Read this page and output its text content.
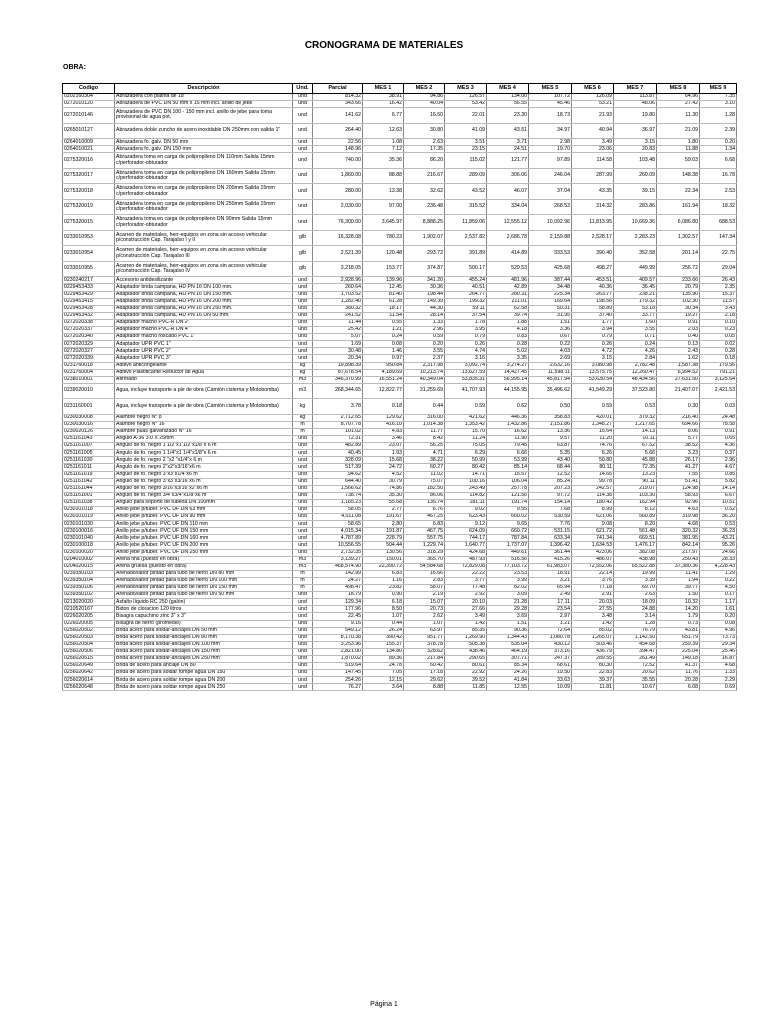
CRONOGRAMA DE MATERIALES
OBRA:
Codigo	Descripción	Und.	Parcial	MES 1	MES 2	MES 3	MES 4	MES 5	MES 6	MES 7	MES 8	MES 9
0202160304	Abrazadera con platina de 18"	und	814.32	38.91	94.86	126.57	134.00	107.72	126.09	113.87	64.96	7.35
0272010120	Abrazadera de PVC DN 50 mm x 15 mm incl. anillo de jebe	und	343.66	16.42	40.04	53.42	56.55	45.46	53.21	48.06	27.42	3.10
0272010146	Abrazadera de PVC DN 100 - 150 mm incl. anillo de jebe para toma provisional de agua pot.	und	141.62	6.77	16.50	22.01	23.30	18.73	21.93	19.80	11.30	1.28
0265010127	Abrazadera doble zuncho de acero inoxidable DN 250mm con salida 1"	und	264.40	12.63	30.80	41.09	43.51	34.97	40.94	36.97	21.09	2.39
0264010009	Abrazadera fo. galv. DN 50 mm	und	22.56	1.08	2.63	3.51	3.71	2.98	3.49	3.15	1.80	0.20
0264010021	Abrazadera fo. galv. DN 150 mm	und	148.96	7.12	17.35	23.15	24.51	19.70	23.06	20.83	11.88	1.34
0275320016	Abrazadera toma en carga de polipropileno DN 110mm Salida 15mm c/perforador-obturador	und	740.00	35.36	86.20	115.02	121.77	97.89	114.58	103.48	59.03	6.68
0275320017	Abrazadera toma en carga de polipropileno DN 160mm Salida 15mm c/perforador-obturador	und	1,860.00	88.88	216.67	289.09	306.06	246.04	287.99	260.09	148.38	16.78
0275320018	Abrazadera toma en carga de polipropileno DN 200mm Salida 15mm c/perforador-obturador	und	280.00	13.38	32.62	43.52	46.07	37.04	43.35	39.15	22.34	2.53
0275320019	Abrazadera toma en carga de polipropileno DN 250mm Salida 15mm c/perforador-obturador	und	2,030.00	97.00	236.48	315.52	334.04	268.53	314.32	283.86	161.94	18.32
0275320015	Abrazadera toma en carga de polipropileno DN 90mm Salida 15mm c/perforador-obturador	und	76,300.00	3,645.97	8,888.25	11,859.06	12,555.12	10,092.96	11,813.95	10,669.36	6,086.80	688.53
0233010953	Acarreo de materiales, herr-equipos en zona sin acceso vehicular p/construcción Cap. Tarajalso I y II	glb	16,328.08	780.23	1,902.07	2,537.82	2,686.78	2,159.88	2,528.17	2,283.23	1,302.57	147.34
0233010954	Acarreo de materiales, herr-equipos en zona sin acceso vehicular p/construcción Cap. Tarajalso III	glb	2,521.39	120.48	293.72	391.89	414.89	333.53	390.40	352.58	201.14	22.75
0233010955	Acarreo de materiales, herr-equipos en zona sin acceso vehicular p/construcción Cap. Tarajalso IV	glb	3,218.05	153.77	374.87	500.17	529.53	425.68	498.27	449.99	256.72	29.04
0230240217	Accesorio antidesilizante	und	2,928.96	139.96	341.20	455.24	481.96	387.44	453.51	409.57	233.66	26.43
0229453433	Adaptador brida campana, HD PN 16 DN 100 mm.	und	260.64	12.45	30.36	40.51	42.89	34.48	40.36	36.45	20.79	2.35
0229453429	Adaptador brida campana, HD PN 16 DN 150 mm.	und	1,703.52	81.40	198.44	264.77	280.31	225.34	263.77	238.21	135.90	15.37
0229453415	Adaptador brida campana, HD PN 16 DN 200 mm.	und	1,282.40	61.28	149.39	199.32	211.01	169.64	198.56	179.32	102.30	11.57
0229453428	Adaptador brida campana, HD PN 16 DN 250 mm.	und	380.32	18.17	44.30	59.11	62.58	50.31	58.89	53.18	30.34	3.43
0229453432	Adaptador brida campana, HD PN 16 DN 50 mm.	und	241.52	11.54	28.14	37.54	39.74	31.95	37.40	33.77	19.27	2.18
0272020338	Adaptador macho PVC-R DN 2"	und	11.44	0.55	1.33	1.78	1.88	1.51	1.77	1.60	0.91	0.10
0272020337	Adaptador macho PVC-R DN 4"	und	25.42	1.21	2.96	3.95	4.18	3.36	3.94	3.55	2.03	0.23
0272020340	Adaptador macho roscado PVC 1"	und	5.07	0.24	0.59	0.79	0.83	0.67	0.79	0.71	0.40	0.05
0272020329	Adaptador UPR PVC 1"	und	1.69	0.08	0.20	0.26	0.28	0.22	0.26	0.24	0.13	0.02
0272020327	Adaptador UPR PVC 2"	und	30.48	1.46	3.55	4.74	5.02	4.03	4.72	4.26	2.43	0.28
0272020339	Adaptador UPR PVC 3"	und	20.34	0.97	2.37	3.16	3.35	2.69	3.15	2.84	1.62	0.18
0231760018	Aditivo anticongelante	kg	19,898.39	950.84	2,317.98	3,092.74	3,274.27	2,632.16	3,080.98	2,782.48	1,587.38	179.56
0231760004	Aditivo Plastificante Reductor de Agua	kg	87,678.54	4,189.69	10,213.74	13,627.59	14,427.45	11,598.11	13,575.75	12,260.47	6,994.52	791.21
0238010001	Afirmado	m3	346,370.99	16,551.24	40,349.04	53,835.31	56,995.14	45,817.94	53,630.54	48,434.56	27,631.50	3,125.64
0239020010	Agua, incluye transporte a pie de obra (Camión cisterna y Motobomba)	m3	268,344.65	12,822.77	31,259.69	41,707.93	44,155.95	35,496.62	41,549.29	37,523.80	21,407.07	2,421.53
0231160001	Agua, incluye transporte a pie de obra (Camión cisterna y Motobomba)	kg	3.78	0.18	0.44	0.59	0.62	0.50	0.59	0.53	0.30	0.03
0230030008	Alambre negro N° 8	kg	2,712.65	129.62	316.00	421.62	446.36	358.83	420.01	379.32	216.40	24.48
0230030016	Alambre negro N° 16	m	8,707.78	416.10	1,014.38	1,353.42	1,432.86	1,151.86	1,348.27	1,217.65	694.66	78.58
0230020126	Alambre puas galvanizado N° 16	m	101.02	4.83	11.77	15.70	16.62	13.36	15.64	14.13	8.06	0.91
0251161043	Angulo A-36 3.0 X 25mm	und	72.31	3.46	8.42	11.24	11.90	9.57	11.20	10.11	5.77	0.65
0251161007	Angulo de fo. negro 1 1/2"x1 1/2"x1/8"x 6 m	und	482.89	23.07	56.25	75.05	79.45	63.87	74.76	67.52	38.52	4.36
0251161005	Angulo de fo. negro 1 1/4"x1 1/4"x1/8"x 6 m	und	40.45	1.93	4.71	6.29	6.66	5.35	6.26	5.66	3.23	0.37
0251161030	Angulo de fo. negro 2 "x2 "x1/4"x 6 m	und	328.09	15.68	38.22	50.99	53.99	43.40	50.80	45.88	26.17	2.96
0251161011	Angulo de fo. negro 2"x2"x3/16"x6 m	und	517.39	24.72	60.27	80.42	85.14	68.44	80.11	72.35	41.27	4.67
0251161019	Angulo de fo. negro 3"x3"x1/4"x6 m	und	94.62	4.52	11.02	14.71	15.57	12.52	14.65	13.23	7.55	0.85
0251161042	Angulo de fo. negro 3"x3"x3/16"x6 m	und	644.40	30.79	75.07	100.16	106.04	85.24	99.78	90.11	51.41	5.82
0251161044	Angulo de fo. negro 3/16"x3/16"x2"x6 m	und	1,566.62	74.86	182.50	243.49	257.78	207.23	242.57	219.07	124.98	14.14
0251161001	Angulo de fo. negro 3/4"x3/4"x1/8"x6 m	und	738.74	35.30	86.06	114.82	121.56	97.72	114.38	103.30	58.93	6.67
0251161038	Angulo para soporte de tuberia DN 100mm	und	1,165.23	55.68	135.74	181.11	191.74	154.14	180.42	162.94	92.96	10.51
0230101018	Anillo jebe p/tuber. PVC UF DN 63 mm	und	58.05	2.77	6.76	9.02	9.55	7.68	8.99	8.12	4.63	0.52
0230101019	Anillo jebe p/tuber. PVC UF DN 90 mm	und	4,011.08	191.67	467.25	623.43	660.02	530.59	621.06	560.89	319.98	36.20
0230101030	Anillo jebe p/tuber. PVC UF DN 110 mm	und	58.65	2.80	6.83	9.12	9.65	7.76	9.08	8.20	4.68	0.53
0230100016	Anillo jebe p/tuber. PVC UF DN 150 mm	und	4,015.34	191.87	467.75	624.09	660.72	531.15	621.72	561.48	320.32	36.23
0230101040	Anillo jebe p/tuber. PVC UF DN 160 mm	und	4,787.89	228.79	557.75	744.17	787.84	633.34	741.34	669.51	381.95	43.21
0230100018	Anillo jebe p/tuber. PVC UF DN 200 mm	und	10,556.55	504.44	1,229.74	1,640.77	1,737.07	1,396.42	1,634.53	1,476.17	842.14	95.26
0230100020	Anillo jebe p/tuber. PVC UF DN 250 mm	und	2,732.35	130.56	318.29	424.68	449.61	361.44	423.06	382.08	217.97	24.66
0204010002	Arena fina (puesto en obra)	m3	3,139.27	150.01	365.70	487.93	516.56	415.26	486.07	438.98	250.43	28.33
0204020015	Arena gruesa (puesto en obra)	m3	468,574.90	22,390.72	54,584.68	72,829.08	77,103.72	61,983.07	72,552.06	65,522.88	37,380.36	4,228.43
0239350103	Arenado/labor pintad para tubo de fierro DN 80 mm	m	142.99	6.83	16.66	22.22	23.53	18.91	22.14	19.99	11.41	1.29
0239350104	Arenado/labor pintad para tubo de fierro DN 100 mm	m	24.27	1.16	2.83	3.77	3.99	3.21	3.76	3.39	1.94	0.22
0239350106	Arenado/labor pintad para tubo de fierro DN 150 mm	m	498.47	23.82	58.07	77.48	82.02	65.94	77.18	69.70	39.77	4.50
0239350102	Arenado/labor pintad para tubo de fierro DN 50 mm	und	18.79	0.90	2.19	2.92	3.09	2.49	2.91	2.63	1.50	0.17
0213020020	Asfalto líquido RC 250 (galón)	und	129.34	6.18	15.07	20.10	21.28	17.11	20.03	18.09	10.32	1.17
0210520167	Bidon de cloracion 120 litros	und	177.96	8.50	20.73	27.66	29.28	23.54	27.55	24.88	14.20	1.61
0226020205	Bisagra capuchino zinc 3" x 3"	und	22.45	1.07	2.62	3.49	3.69	2.97	3.48	3.14	1.79	0.20
0226020005	Bisagra de fierro (promedio)	und	9.16	0.44	1.07	1.42	1.51	1.21	1.42	1.28	0.73	0.08
0256020502	Brida acero para soldar-anclajes DN 50 mm	und	549.12	26.24	63.97	85.35	90.36	72.64	85.02	76.79	43.81	4.96
0256020503	Brida acero para soldar-anclajes DN 80 mm	und	8,170.38	390.42	951.77	1,269.90	1,344.43	1,080.78	1,265.07	1,142.50	651.79	73.73
0256020504	Brida acero para soldar-anclajes DN 100 mm	und	3,253.96	155.37	378.78	505.38	535.04	430.12	503.46	454.68	259.39	29.34
0256020506	Brida acero para soldar-anclajes DN 150 mm	und	2,821.00	134.80	328.62	438.46	464.19	373.16	436.79	394.47	225.04	25.46
0256020615	Brida acero para soldar-anclajes DN 250 mm	und	1,870.02	89.36	217.84	290.65	307.71	247.37	289.55	261.49	149.18	16.87
0256020649	Brida de acero para anclaje DN 80	und	519.64	24.78	60.42	80.61	85.34	68.61	80.30	72.52	41.37	4.68
0256020642	Brida de acero para soldar rompe agua DN 150	und	147.45	7.05	17.18	22.92	24.26	19.50	22.83	20.62	11.76	1.33
0256020614	Brida de acero para soldar rompe agua DN 200	und	254.26	12.15	29.62	39.52	41.84	33.63	39.37	35.55	20.28	2.29
0256020648	Brida de acero para soldar rompe agua DN 250	und	76.27	3.64	8.88	11.85	12.55	10.09	11.81	10.67	6.08	0.69
Página 1
